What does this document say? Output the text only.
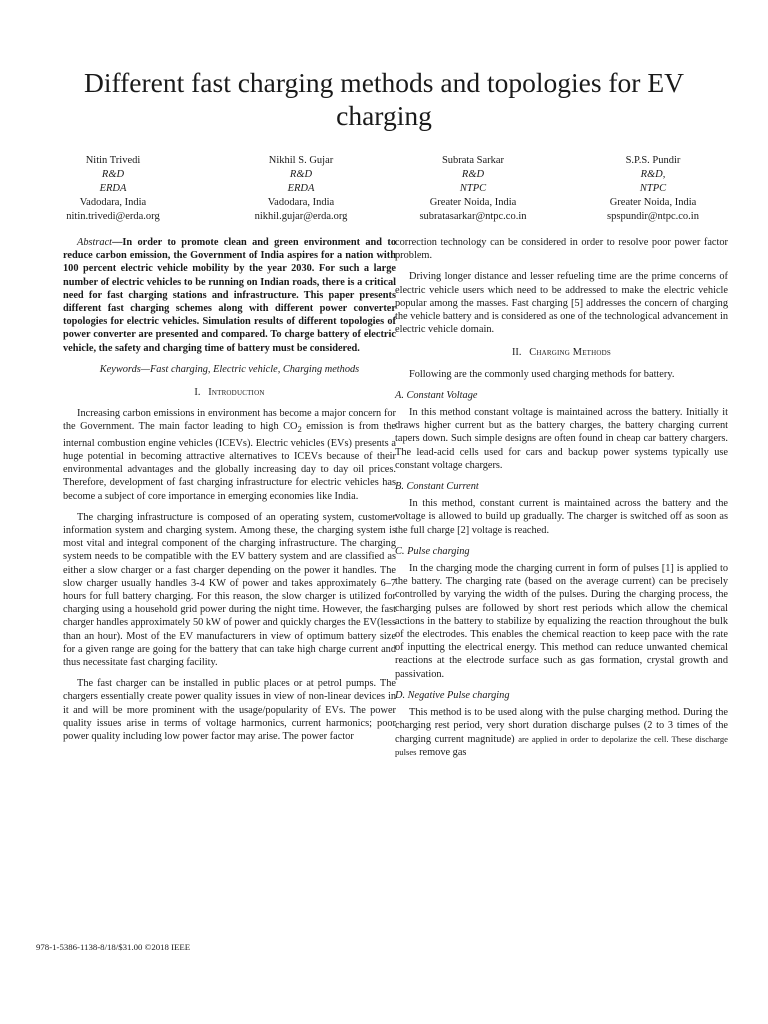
Different fast charging methods and topologies for EV charging
Nitin Trivedi
R&D
ERDA
Vadodara, India
nitin.trivedi@erda.org
Nikhil S. Gujar
R&D
ERDA
Vadodara, India
nikhil.gujar@erda.org
Subrata Sarkar
R&D
NTPC
Greater Noida, India
subratasarkar@ntpc.co.in
S.P.S. Pundir
R&D,
NTPC
Greater Noida, India
spspundir@ntpc.co.in

Abstract—In order to promote clean and green environment and to reduce carbon emission, the Government of India aspires for a nation with 100 percent electric vehicle mobility by the year 2030. For such a large number of electric vehicles to be running on Indian roads, there is a critical need for fast charging stations and infrastructure. This paper presents different fast charging schemes along with different power converter topologies for electric vehicles. Simulation results of different topologies of power converter are presented and compared. To charge battery of electric vehicle, the safety and charging time of battery must be considered.

Keywords—Fast charging, Electric vehicle, Charging methods

I. Introduction

Increasing carbon emissions in environment has become a major concern for the Government. The main factor leading to high $CO_2$ emission is from the internal combustion engine vehicles (ICEVs). Electric vehicles (EVs) presents a huge potential in becoming attractive alternatives to ICEVs because of their environmental advantages and the globally increasing day to day oil prices. Therefore, development of fast charging infrastructure for electric vehicles has become a subject of core importance in emerging economies like India.

The charging infrastructure is composed of an operating system, customer information system and charging system. Among these, the charging system is most vital and integral component of the charging infrastructure. The charging system needs to be compatible with the EV battery system and are classified as either a slow charger or a fast charger depending on the power it handles. The slow charger usually handles 3-4 KW of power and takes approximately 6–7 hours for full battery charging. For this reason, the slow charger is utilized for charging using a household grid power during the night time. However, the fast charger handles approximately 50 kW of power and quickly charges the EV(less than an hour). Most of the EV manufacturers in view of optimum battery size for a given range are going for the battery that can take high charge current and thus necessitate fast charging facility.

The fast charger can be installed in public places or at petrol pumps. The chargers essentially create power quality issues in view of non-linear devices in it and will be more prominent with the usage/popularity of EVs. The power quality issues arise in terms of voltage harmonics, current harmonics; poor power quality including low power factor may arise. The power factor

correction technology can be considered in order to resolve poor power factor problem.

Driving longer distance and lesser refueling time are the prime concerns of electric vehicle users which need to be addressed to make the electric vehicle popular among the masses. Fast charging [5] addresses the concern of charging the vehicle battery and is considered as one of the technological advancement in electric vehicle domain.

II. Charging Methods

Following are the commonly used charging methods for battery.

A. Constant Voltage

In this method constant voltage is maintained across the battery. Initially it draws higher current but as the battery charges, the battery charging current tapers down. Such simple designs are often found in cheap car battery chargers. The lead-acid cells used for cars and backup power systems typically use constant voltage chargers.

B. Constant Current

In this method, constant current is maintained across the battery and the voltage is allowed to build up gradually. The charger is switched off as soon as the full charge [2] voltage is reached.

C. Pulse charging

In the charging mode the charging current in form of pulses [1] is applied to the battery. The charging rate (based on the average current) can be precisely controlled by varying the width of the pulses. During the charging process, the charging pulses are followed by short rest periods which allow the chemical actions in the battery to stabilize by equalizing the reaction throughout the bulk of the electrodes. This enables the chemical reaction to keep pace with the rate of inputting the electrical energy. This method can reduce unwanted chemical reactions at the electrode surface such as gas formation, crystal growth and passivation.

D. Negative Pulse charging

This method is to be used along with the pulse charging method. During the charging rest period, very short duration discharge pulses (2 to 3 times of the charging current magnitude) are applied in order to depolarize the cell. These discharge pulses remove gas

978-1-5386-1138-8/18/$31.00 ©2018 IEEE
